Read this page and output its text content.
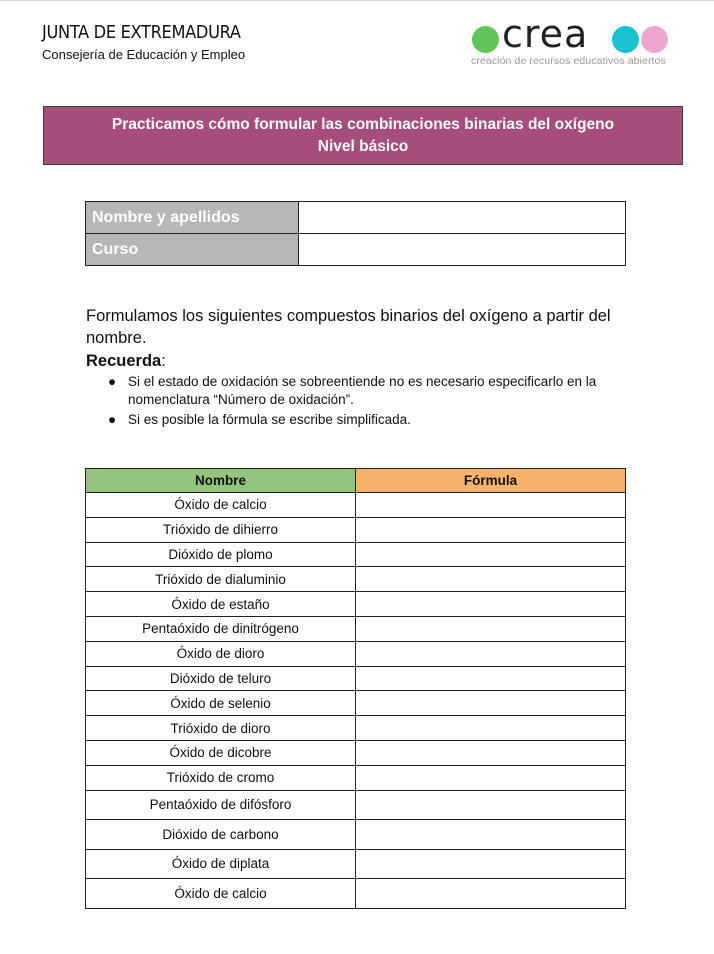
JUNTA DE EXTREMADURA
Consejería de Educación y Empleo	crea
creación de recursos educativos abiertos
Practicamos cómo formular las combinaciones binarias del oxígeno
Nivel básico
Nombre y apellidos	
Curso	
Formulamos los siguientes compuestos binarios del oxígeno a partir del nombre.
Recuerda:
● Si el estado de oxidación se sobreentiende no es necesario especificarlo en la nomenclatura “Número de oxidación”.
● Si es posible la fórmula se escribe simplificada.
Nombre	Fórmula
Óxido de calcio	
Trióxido de dihierro	
Dióxido de plomo	
Trióxido de dialuminio	
Óxido de estaño	
Pentaóxido de dinitrógeno	
Óxido de dioro	
Dióxido de teluro	
Óxido de selenio	
Trióxido de dioro	
Óxido de dicobre	
Trióxido de cromo	
Pentaóxido de difósforo	
Dióxido de carbono	
Óxido de diplata	
Óxido de calcio	
